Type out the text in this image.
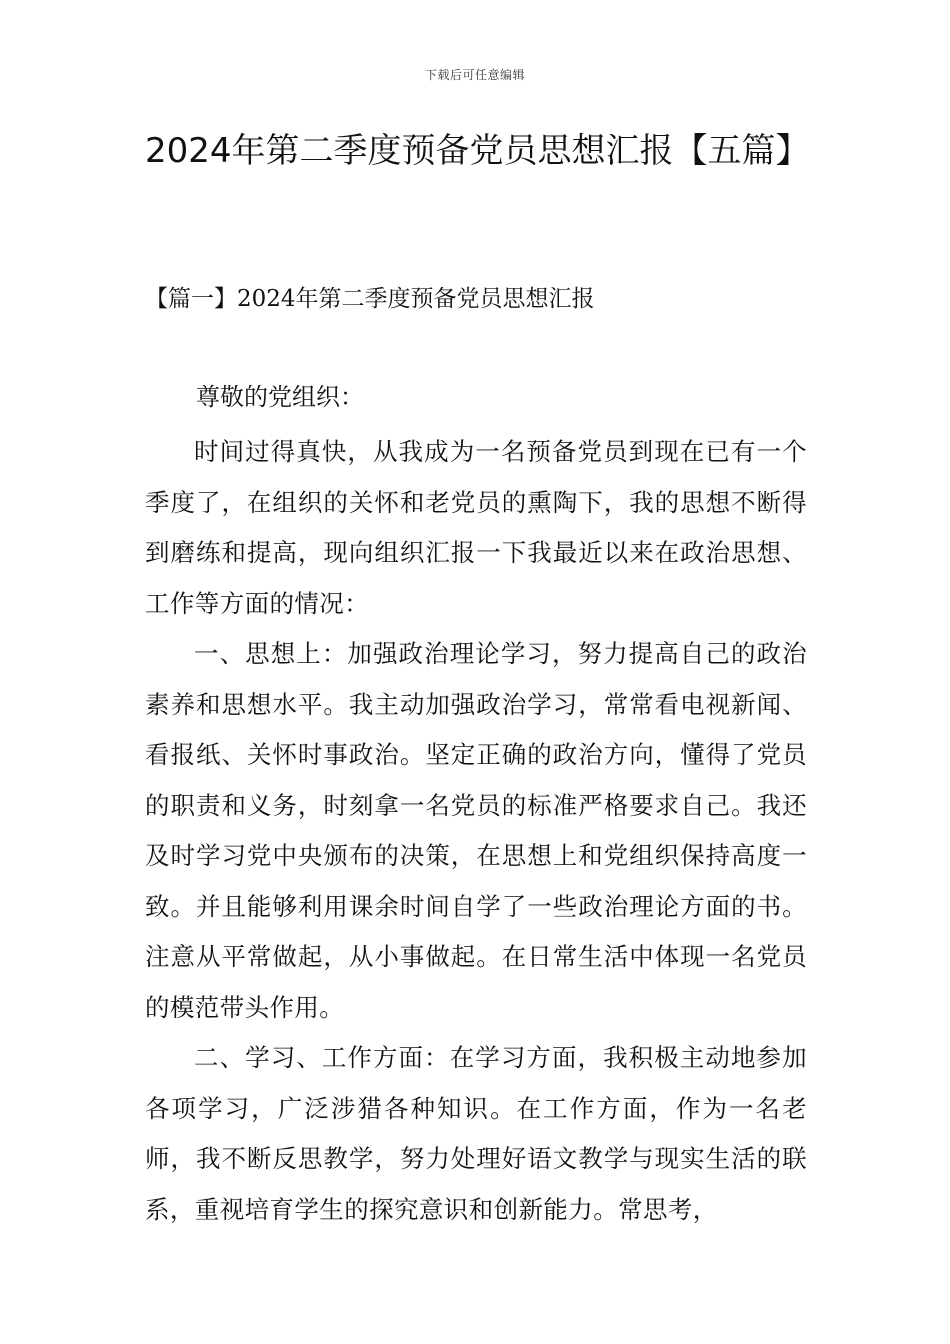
下载后可任意编辑
2024年第二季度预备党员思想汇报【五篇】
【篇一】2024年第二季度预备党员思想汇报

尊敬的党组织：

时间过得真快，从我成为一名预备党员到现在已有一个季度了，在组织的关怀和老党员的熏陶下，我的思想不断得到磨练和提高，现向组织汇报一下我最近以来在政治思想、工作等方面的情况：

一、思想上：加强政治理论学习，努力提高自己的政治素养和思想水平。我主动加强政治学习，常常看电视新闻、看报纸、关怀时事政治。坚定正确的政治方向，懂得了党员的职责和义务，时刻拿一名党员的标准严格要求自己。我还及时学习党中央颁布的决策，在思想上和党组织保持高度一致。并且能够利用课余时间自学了一些政治理论方面的书。注意从平常做起，从小事做起。在日常生活中体现一名党员的模范带头作用。

二、学习、工作方面：在学习方面，我积极主动地参加各项学习，广泛涉猎各种知识。在工作方面，作为一名老师，我不断反思教学，努力处理好语文教学与现实生活的联系，重视培育学生的探究意识和创新能力。常思考，
